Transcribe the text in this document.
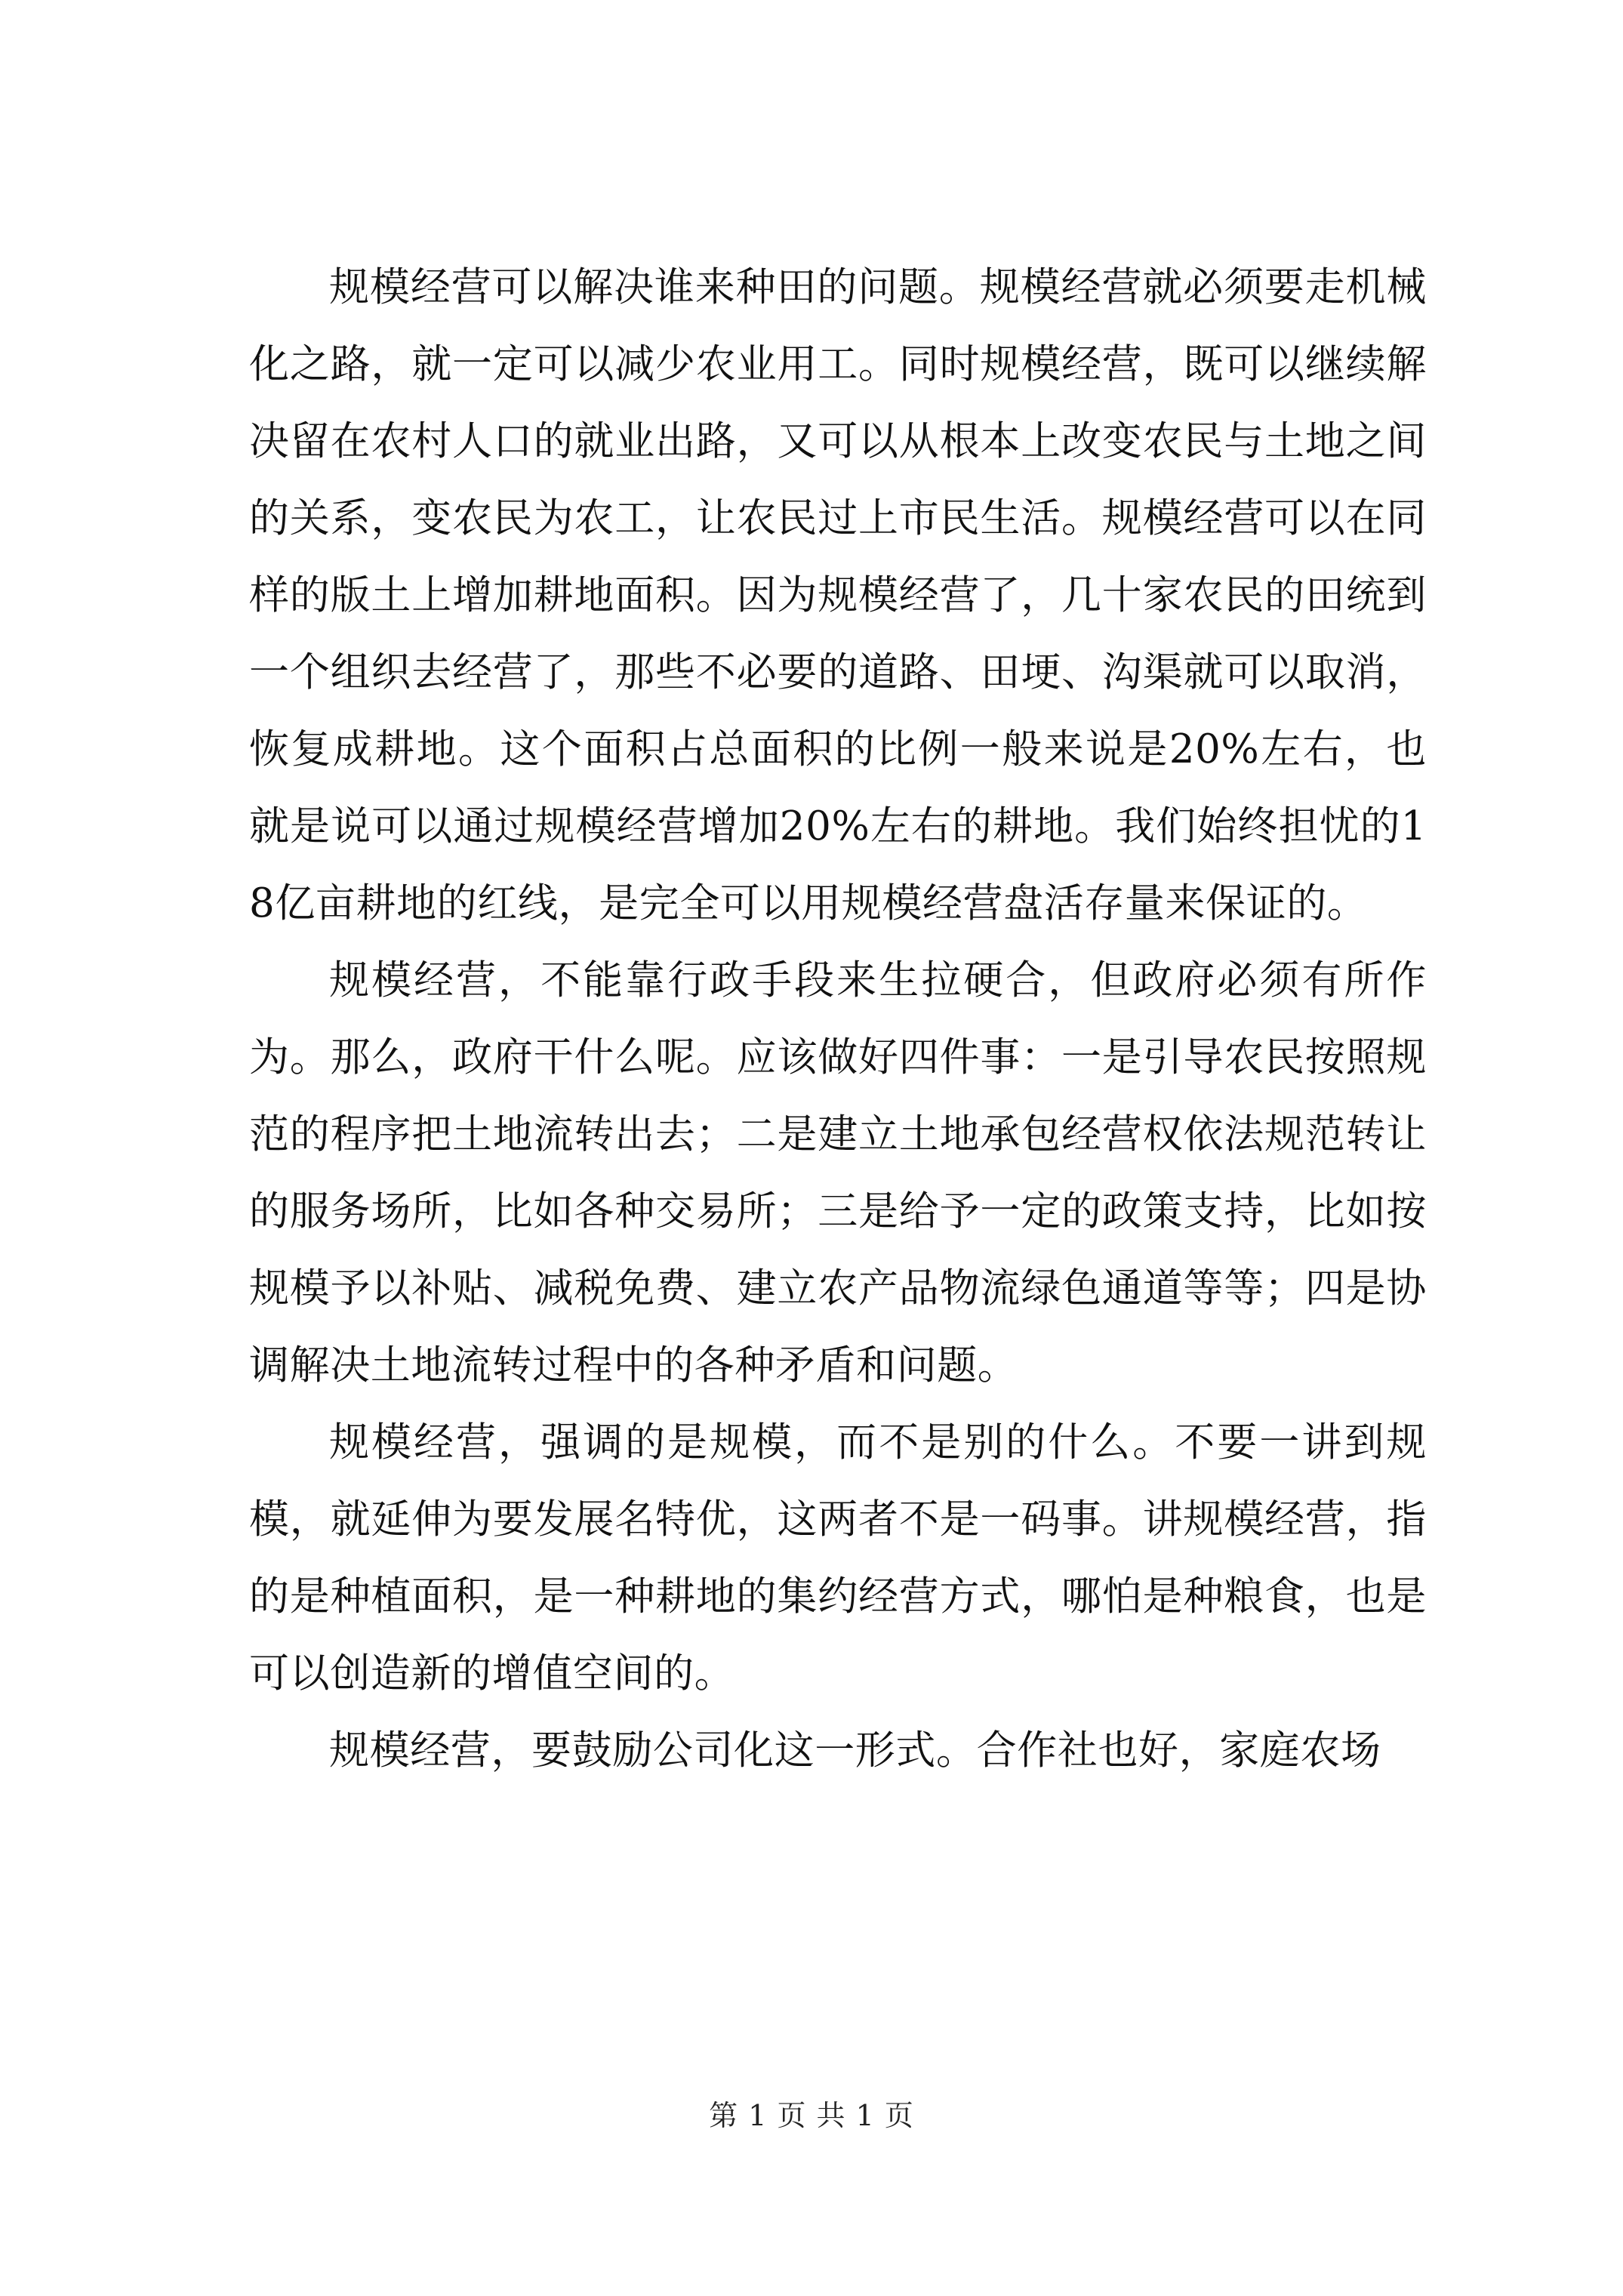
规模经营可以解决谁来种田的问题。规模经营就必须要走机械化之路，就一定可以减少农业用工。同时规模经营，既可以继续解决留在农村人口的就业出路，又可以从根本上改变农民与土地之间的关系，变农民为农工，让农民过上市民生活。规模经营可以在同样的版土上增加耕地面积。因为规模经营了，几十家农民的田统到一个组织去经营了，那些不必要的道路、田埂、沟渠就可以取消，恢复成耕地。这个面积占总面积的比例一般来说是20%左右，也就是说可以通过规模经营增加20%左右的耕地。我们始终担忧的18亿亩耕地的红线，是完全可以用规模经营盘活存量来保证的。

规模经营，不能靠行政手段来生拉硬合，但政府必须有所作为。那么，政府干什么呢。应该做好四件事：一是引导农民按照规范的程序把土地流转出去；二是建立土地承包经营权依法规范转让的服务场所，比如各种交易所；三是给予一定的政策支持，比如按规模予以补贴、减税免费、建立农产品物流绿色通道等等；四是协调解决土地流转过程中的各种矛盾和问题。

规模经营，强调的是规模，而不是别的什么。不要一讲到规模，就延伸为要发展名特优，这两者不是一码事。讲规模经营，指的是种植面积，是一种耕地的集约经营方式，哪怕是种粮食，也是可以创造新的增值空间的。

规模经营，要鼓励公司化这一形式。合作社也好，家庭农场

第 1 页 共 1 页
